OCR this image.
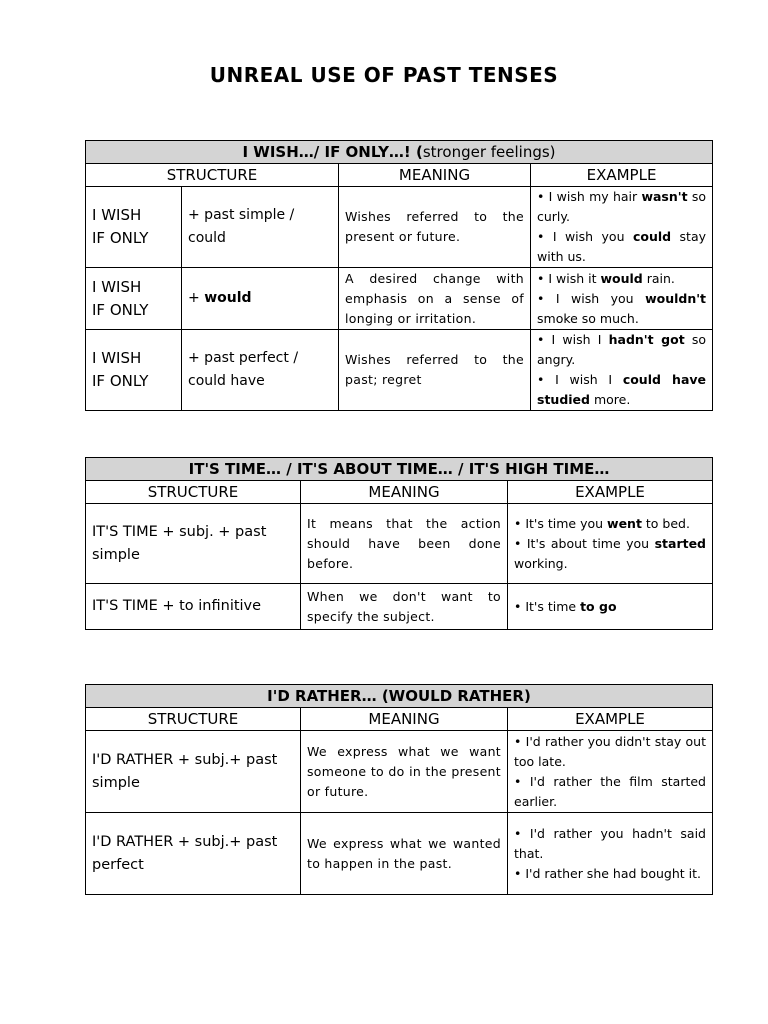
UNREAL USE OF PAST TENSES
I WISH…/ IF ONLY…! (stronger feelings)			
STRUCTURE		MEANING	EXAMPLE

I WISH
IF ONLY	+ past simple / could	Wishes referred to the present or future.	• I wish my hair wasn't so curly.
• I wish you could stay with us.

I WISH
IF ONLY	+ would	A desired change with emphasis on a sense of longing or irritation.	• I wish it would rain.
• I wish you wouldn't smoke so much.

I WISH
IF ONLY	+ past perfect / could have	Wishes referred to the past; regret	• I wish I hadn't got so angry.
• I wish I could have studied more.
IT'S TIME… / IT'S ABOUT TIME… / IT'S HIGH TIME…		
STRUCTURE	MEANING	EXAMPLE
IT'S TIME + subj. + past simple	It means that the action should have been done before.	• It's time you went to bed.
• It's about time you started working.

IT'S TIME + to infinitive	When we don't want to specify the subject.	• It's time to go
I'D RATHER… (WOULD RATHER)		
STRUCTURE	MEANING	EXAMPLE
I'D RATHER + subj.+ past simple	We express what we want someone to do in the present or future.	• I'd rather you didn't stay out too late.
• I'd rather the film started earlier.

I'D RATHER + subj.+ past perfect	We express what we wanted to happen in the past.	• I'd rather you hadn't said that.
• I'd rather she had bought it.
